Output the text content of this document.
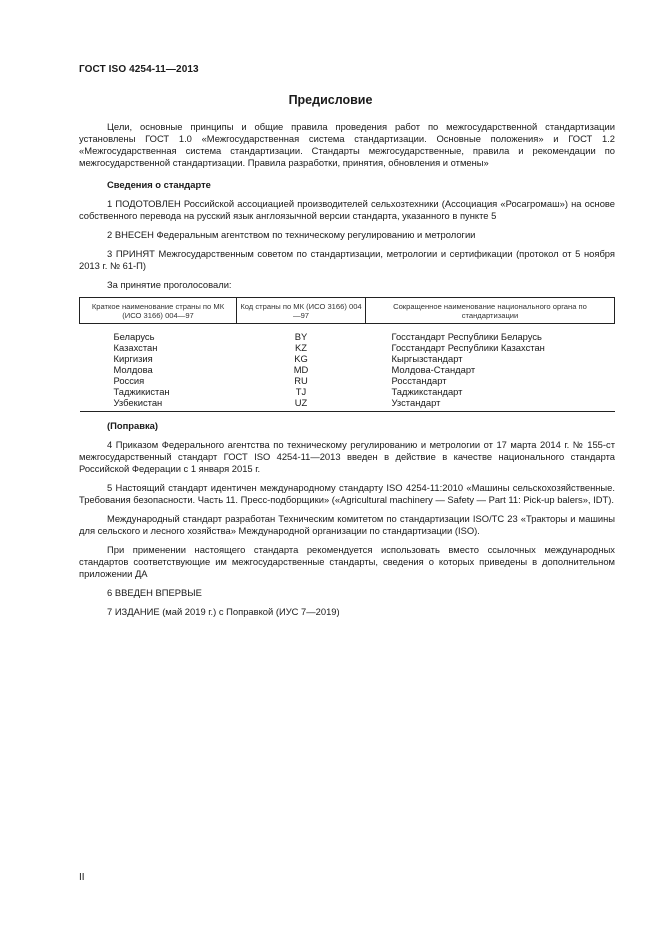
ГОСТ ISO 4254-11—2013
Предисловие

Цели, основные принципы и общие правила проведения работ по межгосударственной стандартизации установлены ГОСТ 1.0 «Межгосударственная система стандартизации. Основные положения» и ГОСТ 1.2 «Межгосударственная система стандартизации. Стандарты межгосударственные, правила и рекомендации по межгосударственной стандартизации. Правила разработки, принятия, обновления и отмены»

Сведения о стандарте

1 ПОДОТОВЛЕН Российской ассоциацией производителей сельхозтехники (Ассоциация «Росагромаш») на основе собственного перевода на русский язык англоязычной версии стандарта, указанного в пункте 5

2 ВНЕСЕН Федеральным агентством по техническому регулированию и метрологии

3 ПРИНЯТ Межгосударственным советом по стандартизации, метрологии и сертификации (протокол от 5 ноября 2013 г. № 61-П)

За принятие проголосовали:

Краткое наименование страны по МК (ИСО 3166) 004—97	Код страны по МК (ИСО 3166) 004—97	Сокращенное наименование национального органа по стандартизации
Беларусь	BY	Госстандарт Республики Беларусь
Казахстан	KZ	Госстандарт Республики Казахстан
Киргизия	KG	Кыргызстандарт
Молдова	MD	Молдова-Стандарт
Россия	RU	Росстандарт
Таджикистан	TJ	Таджикстандарт
Узбекистан	UZ	Узстандарт

(Поправка)

4 Приказом Федерального агентства по техническому регулированию и метрологии от 17 марта 2014 г. № 155-ст межгосударственный стандарт ГОСТ ISO 4254-11—2013 введен в действие в качестве национального стандарта Российской Федерации с 1 января 2015 г.

5 Настоящий стандарт идентичен международному стандарту ISO 4254-11:2010 «Машины сельскохозяйственные. Требования безопасности. Часть 11. Пресс-подборщики» («Agricultural machinery — Safety — Part 11: Pick-up balers», IDT).

Международный стандарт разработан Техническим комитетом по стандартизации ISO/TC 23 «Тракторы и машины для сельского и лесного хозяйства» Международной организации по стандартизации (ISO).

При применении настоящего стандарта рекомендуется использовать вместо ссылочных международных стандартов соответствующие им межгосударственные стандарты, сведения о которых приведены в дополнительном приложении ДА

6 ВВЕДЕН ВПЕРВЫЕ

7 ИЗДАНИЕ (май 2019 г.) с Поправкой (ИУС 7—2019)

II
